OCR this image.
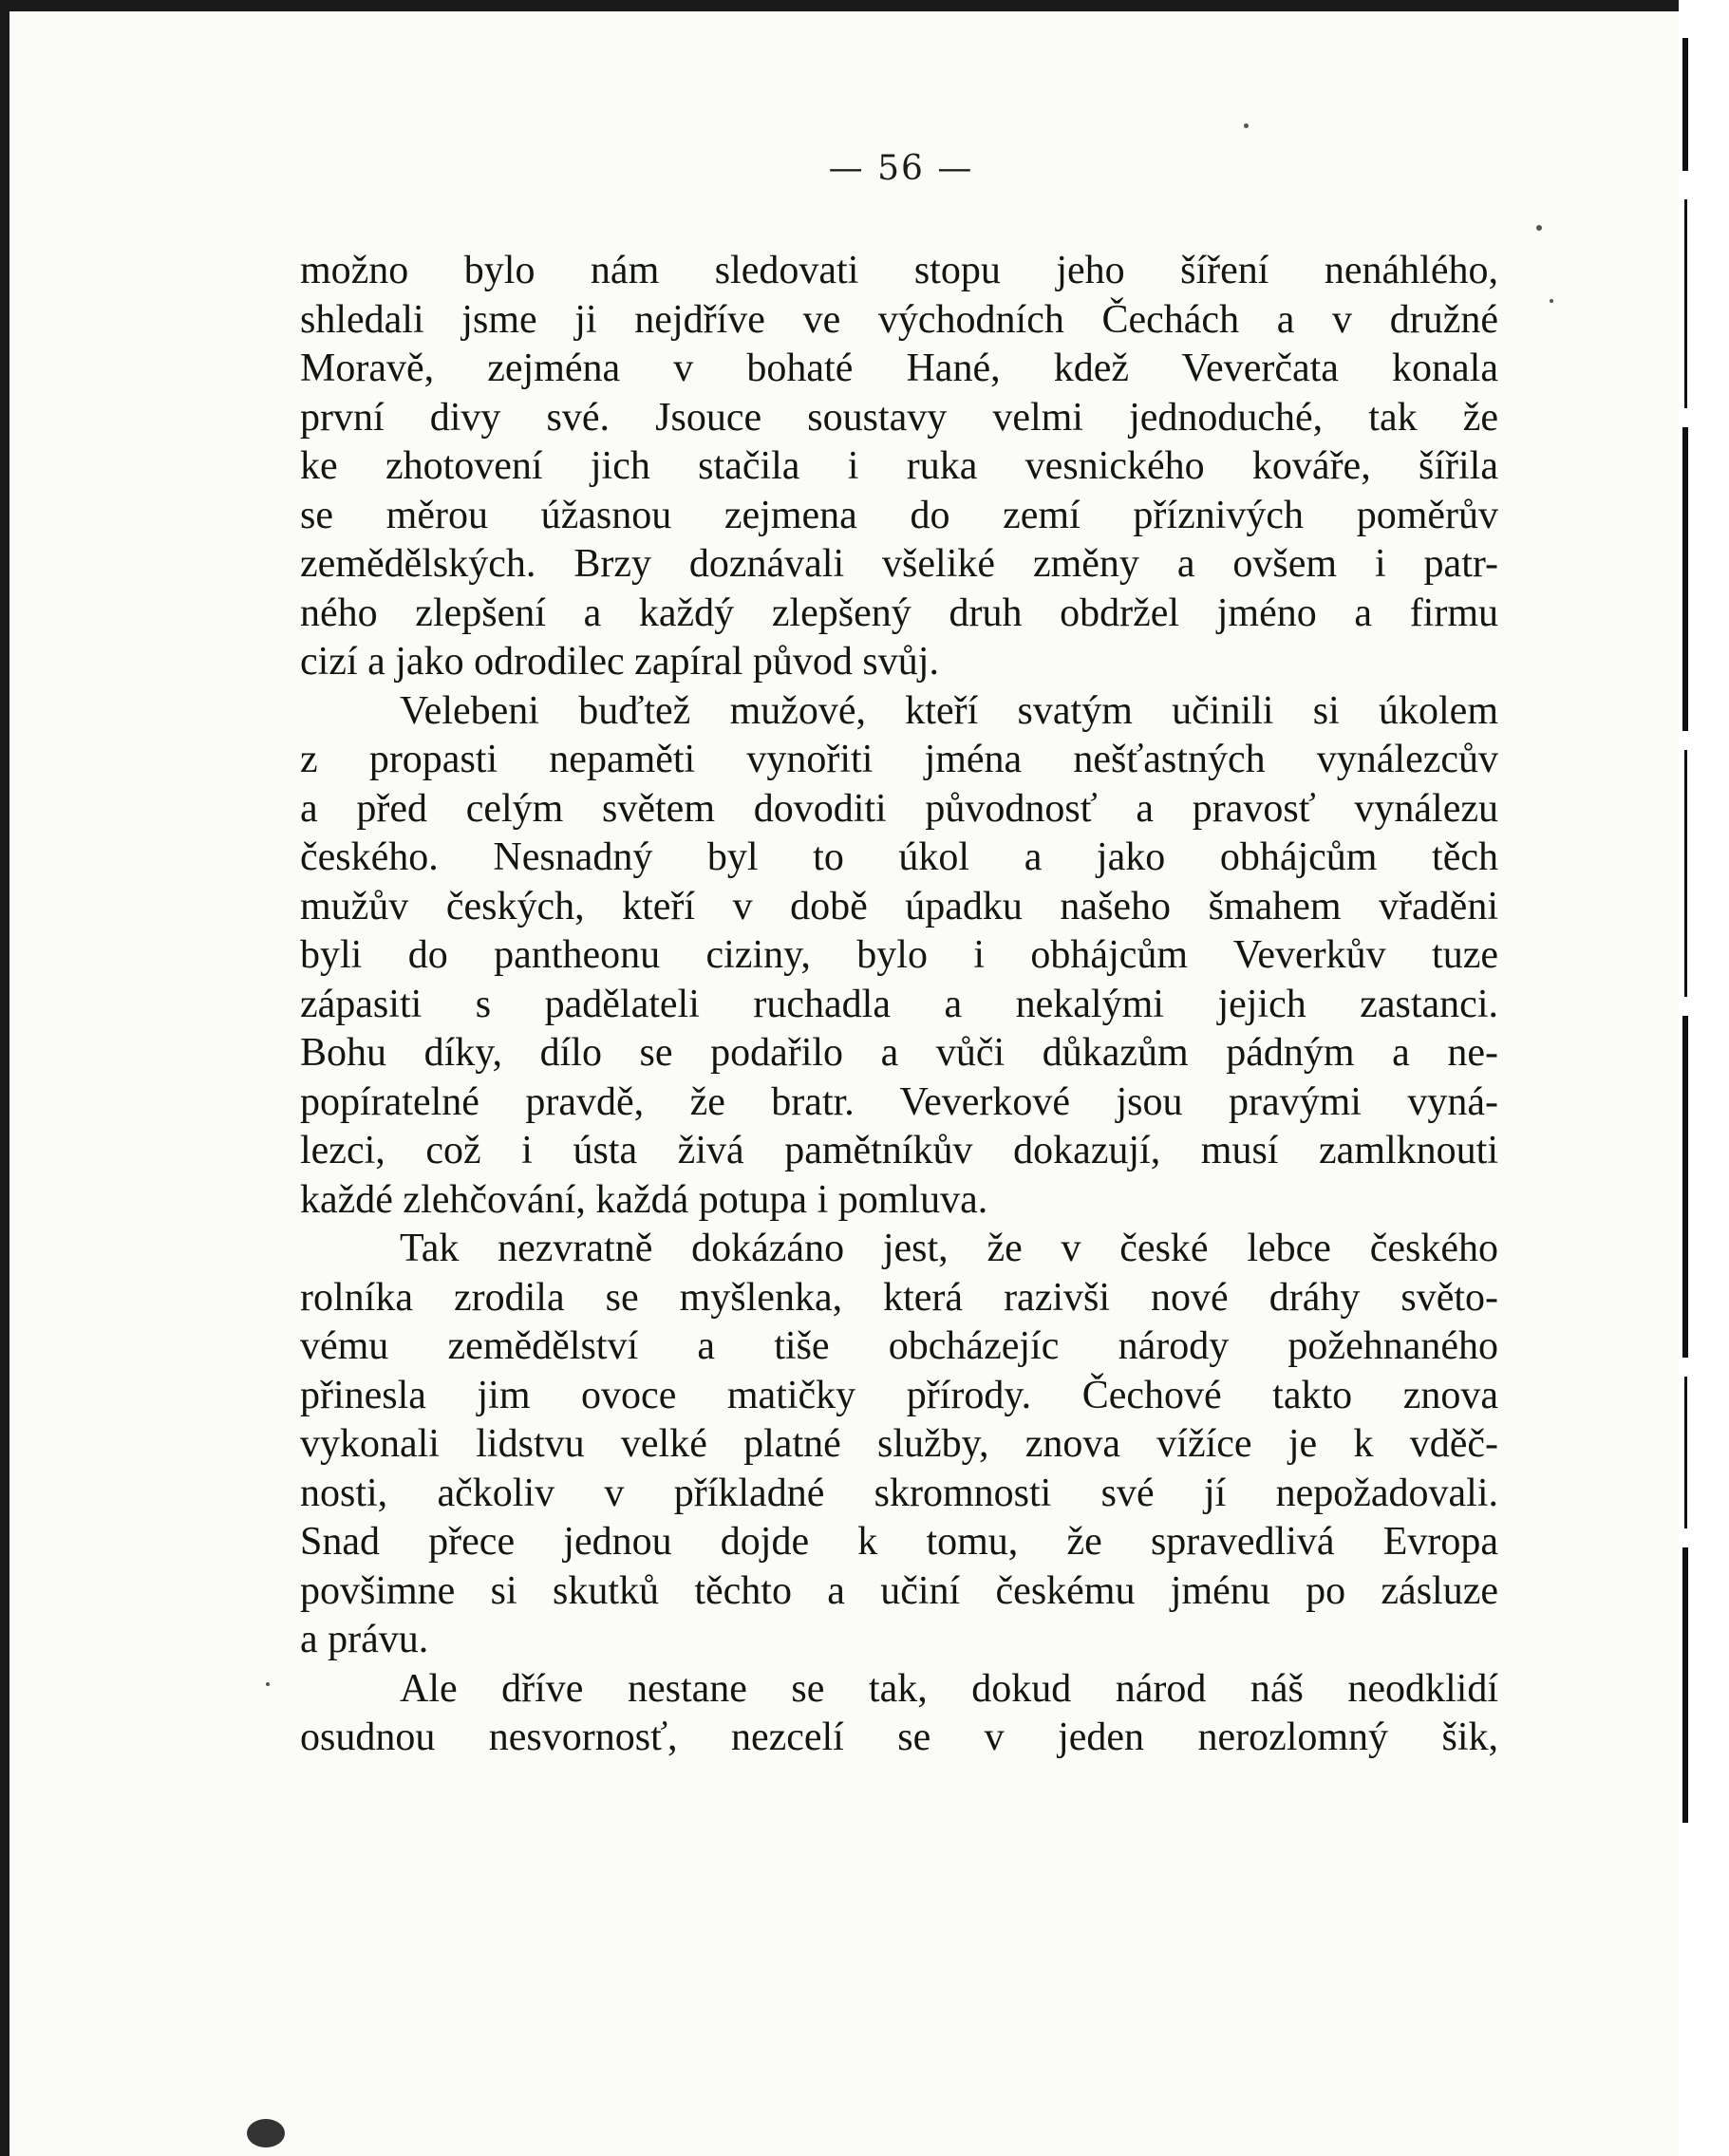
— 56 —
možno bylo nám sledovati stopu jeho šíření nenáhlého,
shledali jsme ji nejdříve ve východních Čechách a v družné
Moravě, zejména v bohaté Hané, kdež Veverčata konala
první divy své. Jsouce soustavy velmi jednoduché, tak že
ke zhotovení jich stačila i ruka vesnického kováře, šířila
se měrou úžasnou zejmena do zemí příznivých poměrův
zemědělských. Brzy doznávali všeliké změny a ovšem i patr-
ného zlepšení a každý zlepšený druh obdržel jméno a firmu
cizí a jako odrodilec zapíral původ svůj.
Velebeni buďtež mužové, kteří svatým učinili si úkolem
z propasti nepaměti vynořiti jména nešťastných vynálezcův
a před celým světem dovoditi původnosť a pravosť vynálezu
českého. Nesnadný byl to úkol a jako obhájcům těch
mužův českých, kteří v době úpadku našeho šmahem vřaděni
byli do pantheonu ciziny, bylo i obhájcům Veverkův tuze
zápasiti s padělateli ruchadla a nekalými jejich zastanci.
Bohu díky, dílo se podařilo a vůči důkazům pádným a ne-
popíratelné pravdě, že bratr. Veverkové jsou pravými vyná-
lezci, což i ústa živá pamětníkův dokazují, musí zamlknouti
každé zlehčování, každá potupa i pomluva.
Tak nezvratně dokázáno jest, že v české lebce českého
rolníka zrodila se myšlenka, která razivši nové dráhy světo-
vému zemědělství a tiše obcházejíc národy požehnaného
přinesla jim ovoce matičky přírody. Čechové takto znova
vykonali lidstvu velké platné služby, znova vížíce je k vděč-
nosti, ačkoliv v příkladné skromnosti své jí nepožadovali.
Snad přece jednou dojde k tomu, že spravedlivá Evropa
povšimne si skutků těchto a učiní českému jménu po zásluze
a právu.
Ale dříve nestane se tak, dokud národ náš neodklidí
osudnou nesvornosť, nezcelí se v jeden nerozlomný šik,
